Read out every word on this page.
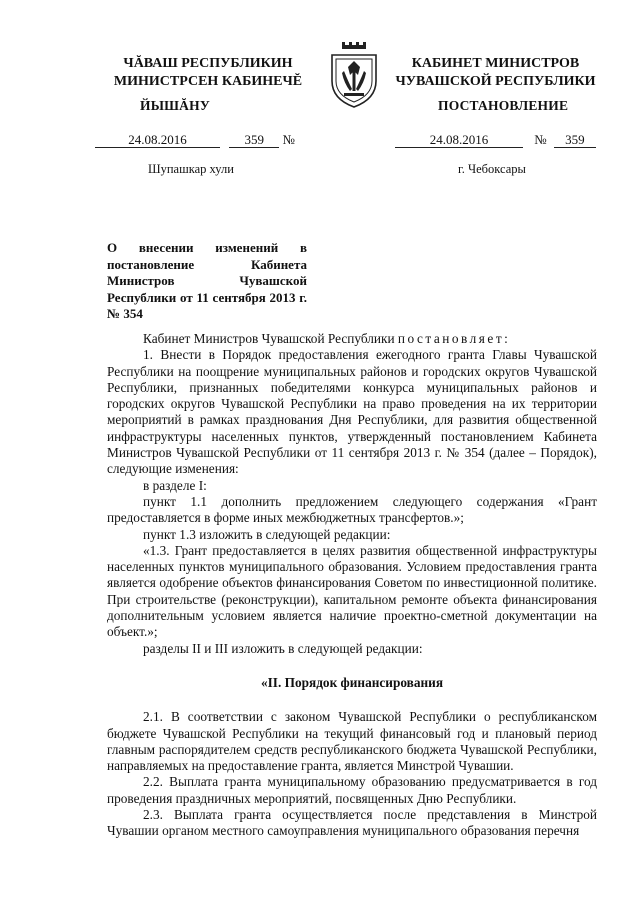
ЧĂВАШ РЕСПУБЛИКИН
МИНИСТРСЕН КАБИНЕЧĔ
КАБИНЕТ МИНИСТРОВ
ЧУВАШСКОЙ РЕСПУБЛИКИ
ЙЫШĂНУ	ПОСТАНОВЛЕНИЕ
24.08.2016	359 №	24.08.2016	№ 359
Шупашкар хули	г. Чебоксары
О внесении изменений в постановление Кабинета Министров Чувашской Республики от 11 сентября 2013 г. № 354

Кабинет Министров Чувашской Республики постановляет:

1. Внести в Порядок предоставления ежегодного гранта Главы Чувашской Республики на поощрение муниципальных районов и городских округов Чувашской Республики, признанных победителями конкурса муниципальных районов и городских округов Чувашской Республики на право проведения на их территории мероприятий в рамках празднования Дня Республики, для развития общественной инфраструктуры населенных пунктов, утвержденный постановлением Кабинета Министров Чувашской Республики от 11 сентября 2013 г. № 354 (далее – Порядок), следующие изменения:

в разделе I:

пункт 1.1 дополнить предложением следующего содержания «Грант предоставляется в форме иных межбюджетных трансфертов.»;

пункт 1.3 изложить в следующей редакции:

«1.3. Грант предоставляется в целях развития общественной инфраструктуры населенных пунктов муниципального образования. Условием предоставления гранта является одобрение объектов финансирования Советом по инвестиционной политике. При строительстве (реконструкции), капитальном ремонте объекта финансирования дополнительным условием является наличие проектно-сметной документации на объект.»;

разделы II и III изложить в следующей редакции:

«II. Порядок финансирования

2.1. В соответствии с законом Чувашской Республики о республиканском бюджете Чувашской Республики на текущий финансовый год и плановый период главным распорядителем средств республиканского бюджета Чувашской Республики, направляемых на предоставление гранта, является Минстрой Чувашии.

2.2. Выплата гранта муниципальному образованию предусматривается в год проведения праздничных мероприятий, посвященных Дню Республики.

2.3. Выплата гранта осуществляется после представления в Минстрой Чувашии органом местного самоуправления муниципального образования перечня
